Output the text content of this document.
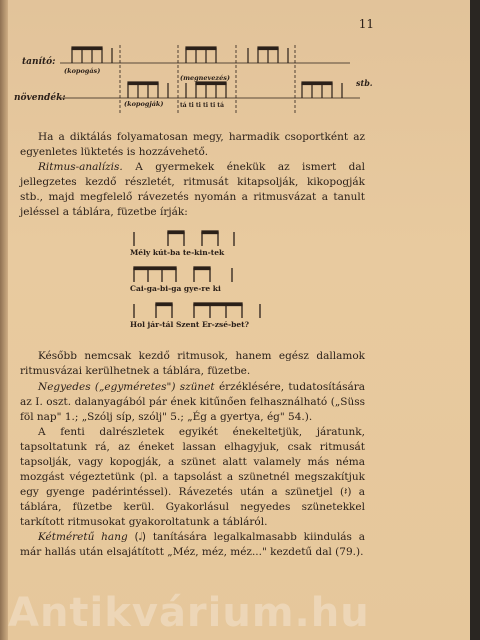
11
tanító:
növendék:
(kopogás)
(megnevezés)
(kopogják)	tá ti ti ti ti tá
stb.

Ha a diktálás folyamatosan megy, harmadik csoportként az egyenletes lüktetés is hozzávehető.

Ritmus-analízis. A gyermekek énekük az ismert dal jellegzetes kezdő részletét, ritmusát kitapsolják, kikopogják stb., majd megfelelő rávezetés nyomán a ritmusvázat a tanult jeléssel a táblára, füzetbe írják:

Mély kút-ba te-kin-tek
Cai-ga-bi-ga gye-re ki
Hol jár-tál Szent Er-zsé-bet?

Később nemcsak kezdő ritmusok, hanem egész dallamok ritmusvázai kerülhetnek a táblára, füzetbe.

Negyedes („egyméretes") szünet érzéklésére, tudatosítására az I. oszt. dalanyagából pár ének kitűnően felhasználható („Süss föl nap" 1.; „Szólj síp, szólj" 5.; „Ég a gyertya, ég" 54.).

A fenti dalrészletek egyikét énekeltetjük, járatunk, tapsoltatunk rá, az éneket lassan elhagyjuk, csak ritmusát tapsolják, vagy kopogják, a szünet alatt valamely más néma mozgást végeztetünk (pl. a tapsolást a szünetnél megszakítjuk egy gyenge padérintéssel). Rávezetés után a szünetjel (𝄽) a táblára, füzetbe kerül. Gyakorlásul negyedes szünetekkel tarkított ritmusokat gyakoroltatunk a tábláról.

Kétméretű hang (𝅗𝅥) tanítására legalkalmasabb kiindulás a már hallás után elsajátított „Méz, méz, méz..." kezdetű dal (79.).

Antikvárium.hu
